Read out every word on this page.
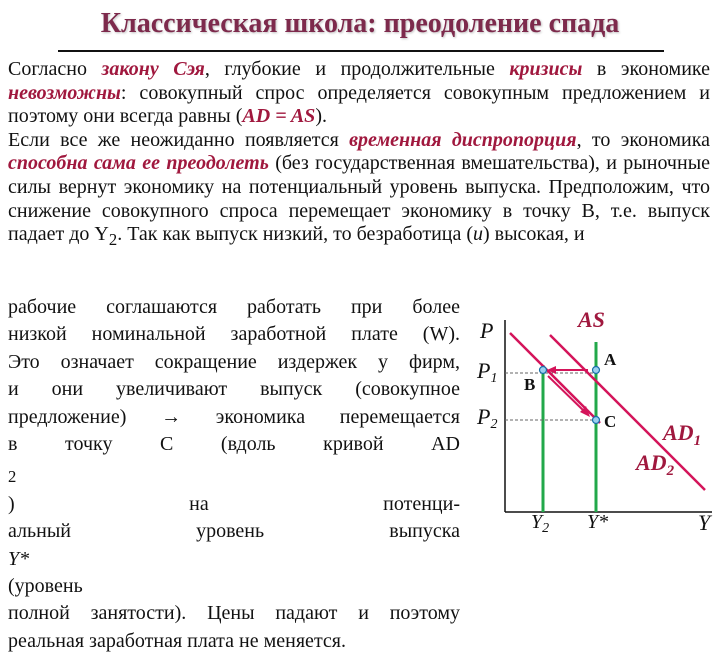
Классическая школа: преодоление спада

Согласно закону Сэя, глубокие и продолжительные кризисы в экономике невозможны: совокупный спрос определяется совокупным предложением и поэтому они всегда равны (AD = AS).

Если все же неожиданно появляется временная диспропорция, то экономика способна сама ее преодолеть (без государственная вмешательства), и рыночные силы вернут экономику на потенциальный уровень выпуска. Предположим, что снижение совокупного спроса перемещает экономику в точку В, т.е. выпуск падает до $Y_2$. Так как выпуск низкий, то безработица (u) высокая, и

рабочие соглашаются работать при более
низкой номинальной заработной плате (W).
Это означает сокращение издержек у фирм,
и они увеличивают выпуск (совокупное
предложение) → экономика перемещается
в точку С (вдоль кривой AD
$_2$
) на потенци-
альный уровень выпуска
Y*
(уровень
полной занятости). Цены падают и поэтому
реальная заработная плата не меняется.
P
P1
P2
$Y_2$ Y*	Y
AS
$AD_1$
$AD_2$
A
B
C
